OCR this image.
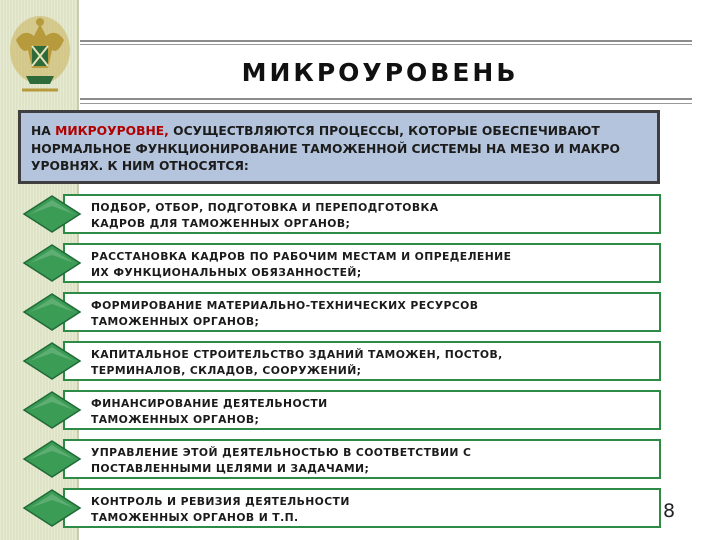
МИКРОУРОВЕНЬ
НА МИКРОУРОВНЕ, ОСУЩЕСТВЛЯЮТСЯ ПРОЦЕССЫ, КОТОРЫЕ ОБЕСПЕЧИВАЮТ НОРМАЛЬНОЕ ФУНКЦИОНИРОВАНИЕ ТАМОЖЕННОЙ СИСТЕМЫ НА МЕЗО И МАКРО УРОВНЯХ. К НИМ ОТНОСЯТСЯ:
ПОДБОР, ОТБОР, ПОДГОТОВКА И ПЕРЕПОДГОТОВКА
КАДРОВ ДЛЯ ТАМОЖЕННЫХ ОРГАНОВ;
РАССТАНОВКА КАДРОВ ПО РАБОЧИМ МЕСТАМ И ОПРЕДЕЛЕНИЕ
ИХ ФУНКЦИОНАЛЬНЫХ ОБЯЗАННОСТЕЙ;
ФОРМИРОВАНИЕ МАТЕРИАЛЬНО-ТЕХНИЧЕСКИХ РЕСУРСОВ
ТАМОЖЕННЫХ ОРГАНОВ;
КАПИТАЛЬНОЕ СТРОИТЕЛЬСТВО ЗДАНИЙ ТАМОЖЕН, ПОСТОВ,
ТЕРМИНАЛОВ, СКЛАДОВ, СООРУЖЕНИЙ;
ФИНАНСИРОВАНИЕ ДЕЯТЕЛЬНОСТИ
ТАМОЖЕННЫХ ОРГАНОВ;
УПРАВЛЕНИЕ ЭТОЙ ДЕЯТЕЛЬНОСТЬЮ В СООТВЕТСТВИИ С
ПОСТАВЛЕННЫМИ ЦЕЛЯМИ И ЗАДАЧАМИ;
КОНТРОЛЬ И РЕВИЗИЯ ДЕЯТЕЛЬНОСТИ
ТАМОЖЕННЫХ ОРГАНОВ И Т.П.	8
